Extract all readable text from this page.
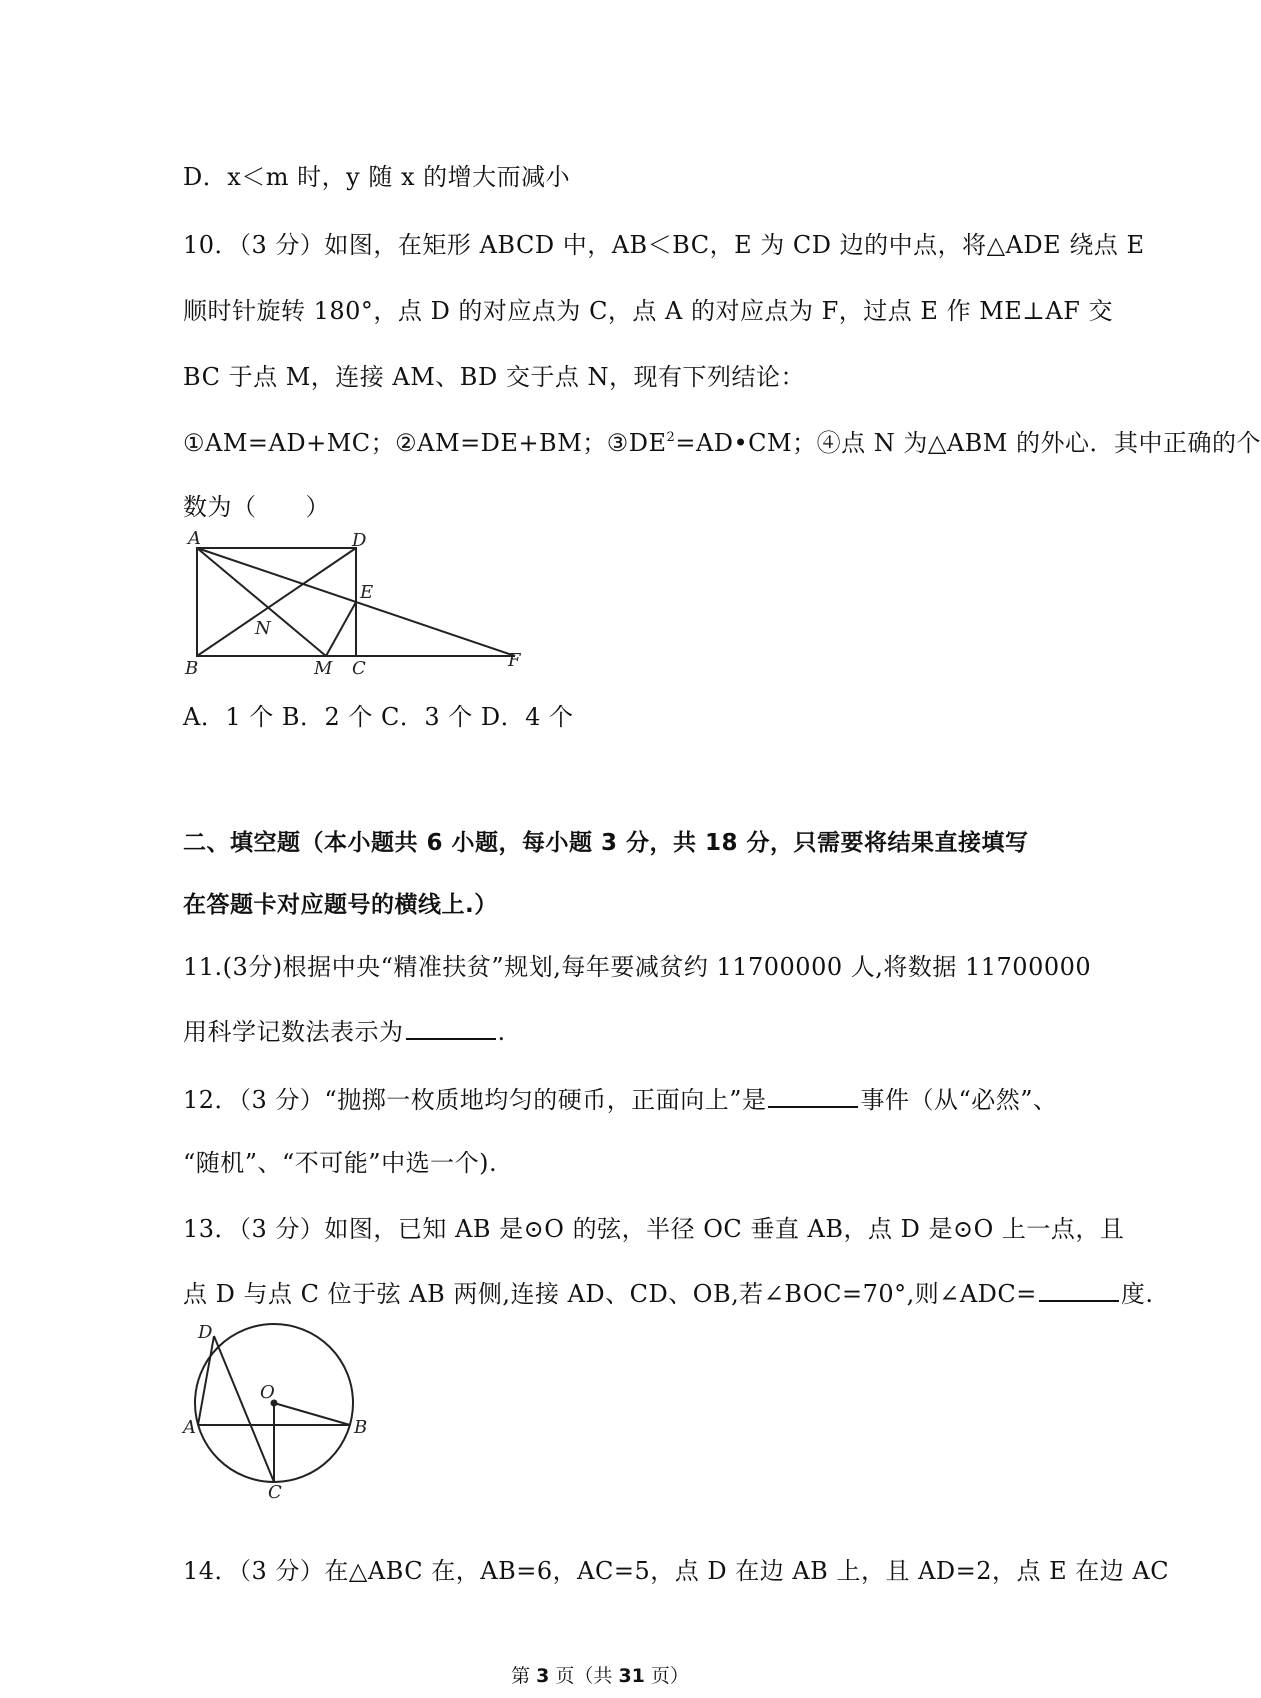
D．x＜m 时，y 随 x 的增大而减小
10．（3 分）如图，在矩形 ABCD 中，AB＜BC，E 为 CD 边的中点，将△ADE 绕点 E
顺时针旋转 180°，点 D 的对应点为 C，点 A 的对应点为 F，过点 E 作 ME⊥AF 交
BC 于点 M，连接 AM、BD 交于点 N，现有下列结论：
①AM=AD+MC；②AM=DE+BM；$③DE^2=AD•CM$；④点 N 为△ABM 的外心．其中正确的个
数为（　　）
A	D
E
N
B	M C	F
A．1 个 B．2 个 C．3 个 D．4 个
二、填空题（本小题共 6 小题，每小题 3 分，共 18 分，只需要将结果直接填写
在答题卡对应题号的横线上.）
11.(3分)根据中央“精准扶贫”规划,每年要减贫约 11700000 人,将数据 11700000
用科学记数法表示为	.
12．（3 分）“抛掷一枚质地均匀的硬币，正面向上”是	事件（从“必然”、
“随机”、“不可能”中选一个).
13．（3 分）如图，已知 AB 是⊙O 的弦，半径 OC 垂直 AB，点 D 是⊙O 上一点，且
点 D 与点 C 位于弦 AB 两侧,连接 AD、CD、OB,若∠BOC=70°,则∠ADC=	度.
D
O
A	B
C
14．（3 分）在△ABC 在，AB=6，AC=5，点 D 在边 AB 上，且 AD=2，点 E 在边 AC
第 3 页（共 31 页）
